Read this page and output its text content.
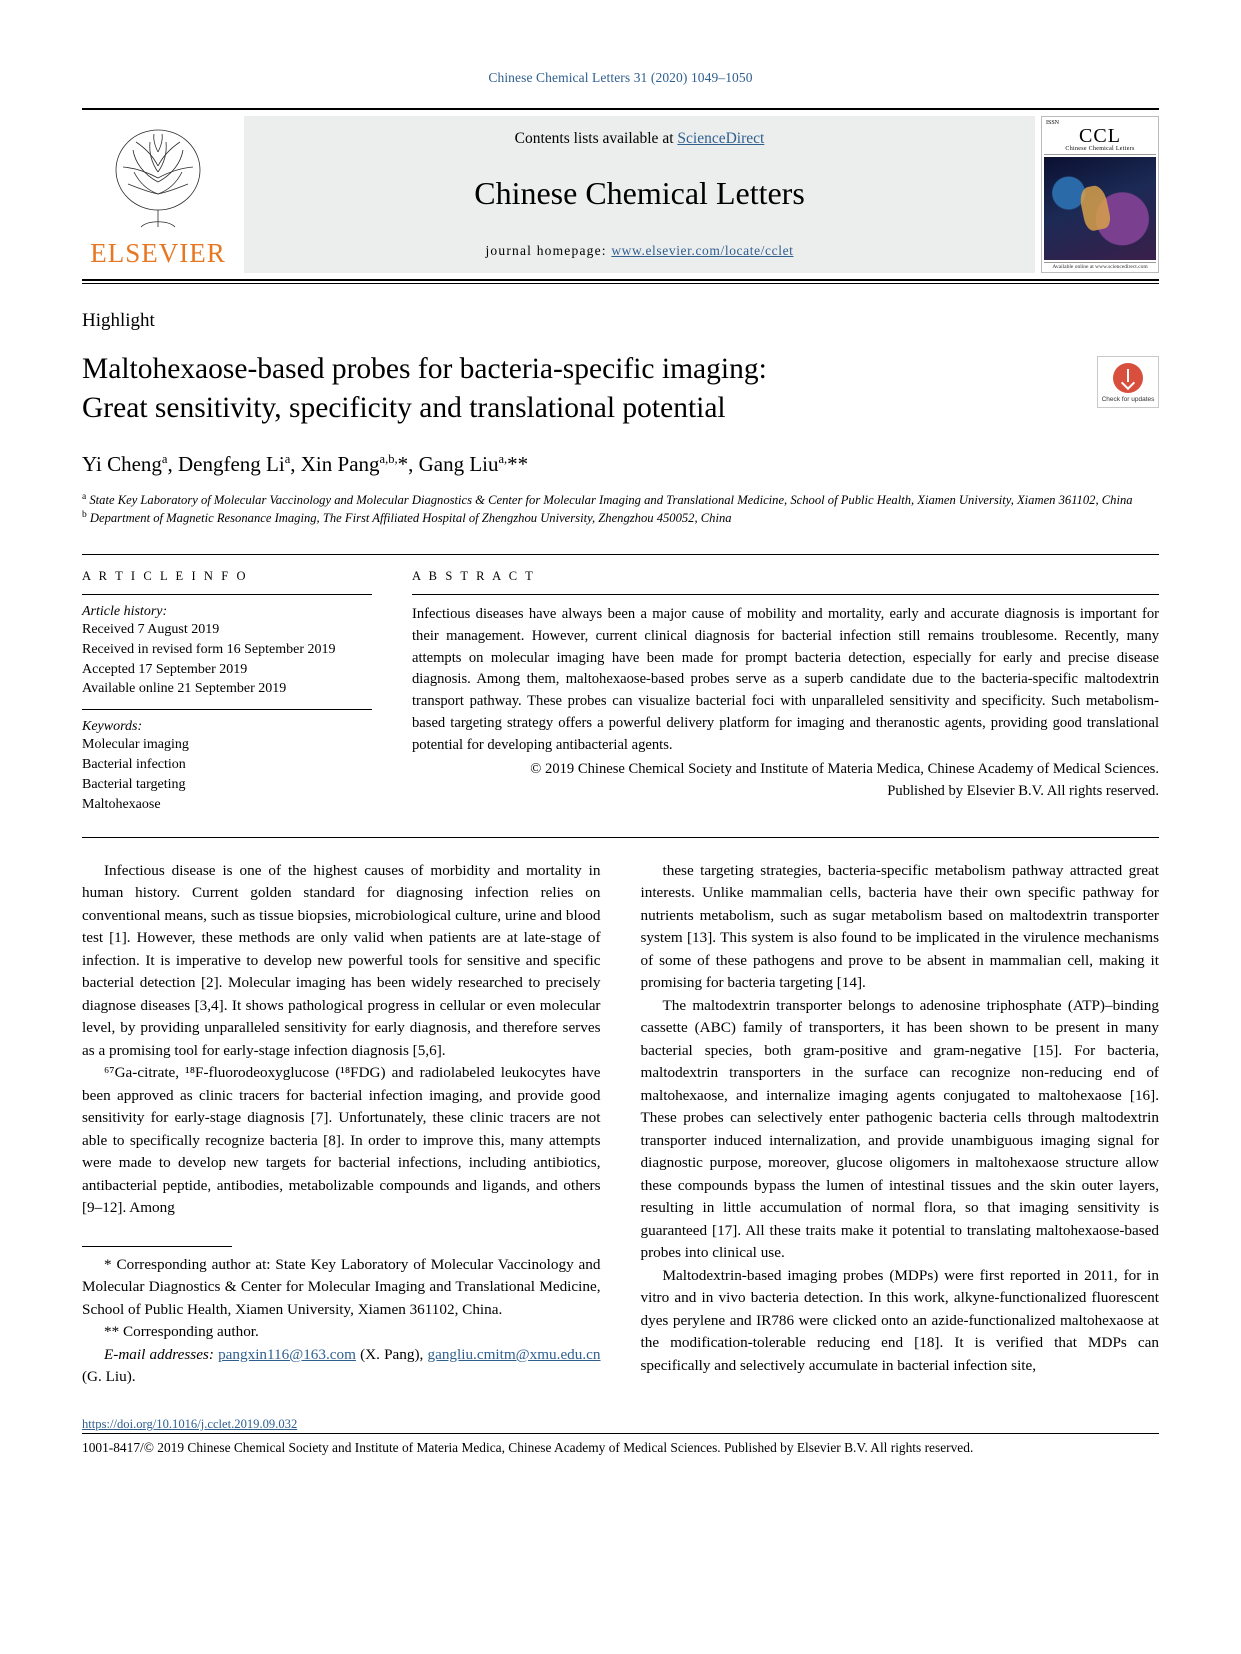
Chinese Chemical Letters 31 (2020) 1049–1050
ELSEVIER
Contents lists available at ScienceDirect
Chinese Chemical Letters
journal homepage: www.elsevier.com/locate/cclet
ISSN
CCL
Chinese Chemical Letters
Available online at www.sciencedirect.com
Highlight
Maltohexaose-based probes for bacteria-specific imaging:
Great sensitivity, specificity and translational potential	Check for updates
Yi Cheng$^a$, Dengfeng Li$^a$, Xin Pang$^{a,b,}$*, Gang Liu$^{a,}$**
$^a$ State Key Laboratory of Molecular Vaccinology and Molecular Diagnostics & Center for Molecular Imaging and Translational Medicine, School of Public Health, Xiamen University, Xiamen 361102, China
$^b$ Department of Magnetic Resonance Imaging, The First Affiliated Hospital of Zhengzhou University, Zhengzhou 450052, China
A R T I C L E I N F O
Article history:
Received 7 August 2019
Received in revised form 16 September 2019
Accepted 17 September 2019
Available online 21 September 2019
Keywords:
Molecular imaging
Bacterial infection
Bacterial targeting
Maltohexaose
A B S T R A C T
Infectious diseases have always been a major cause of mobility and mortality, early and accurate diagnosis is important for their management. However, current clinical diagnosis for bacterial infection still remains troublesome. Recently, many attempts on molecular imaging have been made for prompt bacteria detection, especially for early and precise disease diagnosis. Among them, maltohexaose-based probes serve as a superb candidate due to the bacteria-specific maltodextrin transport pathway. These probes can visualize bacterial foci with unparalleled sensitivity and specificity. Such metabolism-based targeting strategy offers a powerful delivery platform for imaging and theranostic agents, providing good translational potential for developing antibacterial agents.
© 2019 Chinese Chemical Society and Institute of Materia Medica, Chinese Academy of Medical Sciences.
Published by Elsevier B.V. All rights reserved.

Infectious disease is one of the highest causes of morbidity and mortality in human history. Current golden standard for diagnosing infection relies on conventional means, such as tissue biopsies, microbiological culture, urine and blood test [1]. However, these methods are only valid when patients are at late-stage of infection. It is imperative to develop new powerful tools for sensitive and specific bacterial detection [2]. Molecular imaging has been widely researched to precisely diagnose diseases [3,4]. It shows pathological progress in cellular or even molecular level, by providing unparalleled sensitivity for early diagnosis, and therefore serves as a promising tool for early-stage infection diagnosis [5,6].

⁶⁷Ga-citrate, ¹⁸F-fluorodeoxyglucose (¹⁸FDG) and radiolabeled leukocytes have been approved as clinic tracers for bacterial infection imaging, and provide good sensitivity for early-stage diagnosis [7]. Unfortunately, these clinic tracers are not able to specifically recognize bacteria [8]. In order to improve this, many attempts were made to develop new targets for bacterial infections, including antibiotics, antibacterial peptide, antibodies, metabolizable compounds and ligands, and others [9–12]. Among

* Corresponding author at: State Key Laboratory of Molecular Vaccinology and Molecular Diagnostics & Center for Molecular Imaging and Translational Medicine, School of Public Health, Xiamen University, Xiamen 361102, China.

** Corresponding author.

E-mail addresses: pangxin116@163.com (X. Pang), gangliu.cmitm@xmu.edu.cn (G. Liu).

these targeting strategies, bacteria-specific metabolism pathway attracted great interests. Unlike mammalian cells, bacteria have their own specific pathway for nutrients metabolism, such as sugar metabolism based on maltodextrin transporter system [13]. This system is also found to be implicated in the virulence mechanisms of some of these pathogens and prove to be absent in mammalian cell, making it promising for bacteria targeting [14].

The maltodextrin transporter belongs to adenosine triphosphate (ATP)–binding cassette (ABC) family of transporters, it has been shown to be present in many bacterial species, both gram-positive and gram-negative [15]. For bacteria, maltodextrin transporters in the surface can recognize non-reducing end of maltohexaose, and internalize imaging agents conjugated to maltohexaose [16]. These probes can selectively enter pathogenic bacteria cells through maltodextrin transporter induced internalization, and provide unambiguous imaging signal for diagnostic purpose, moreover, glucose oligomers in maltohexaose structure allow these compounds bypass the lumen of intestinal tissues and the skin outer layers, resulting in little accumulation of normal flora, so that imaging sensitivity is guaranteed [17]. All these traits make it potential to translating maltohexaose-based probes into clinical use.

Maltodextrin-based imaging probes (MDPs) were first reported in 2011, for in vitro and in vivo bacteria detection. In this work, alkyne-functionalized fluorescent dyes perylene and IR786 were clicked onto an azide-functionalized maltohexaose at the modification-tolerable reducing end [18]. It is verified that MDPs can specifically and selectively accumulate in bacterial infection site,

https://doi.org/10.1016/j.cclet.2019.09.032
1001-8417/© 2019 Chinese Chemical Society and Institute of Materia Medica, Chinese Academy of Medical Sciences. Published by Elsevier B.V. All rights reserved.
